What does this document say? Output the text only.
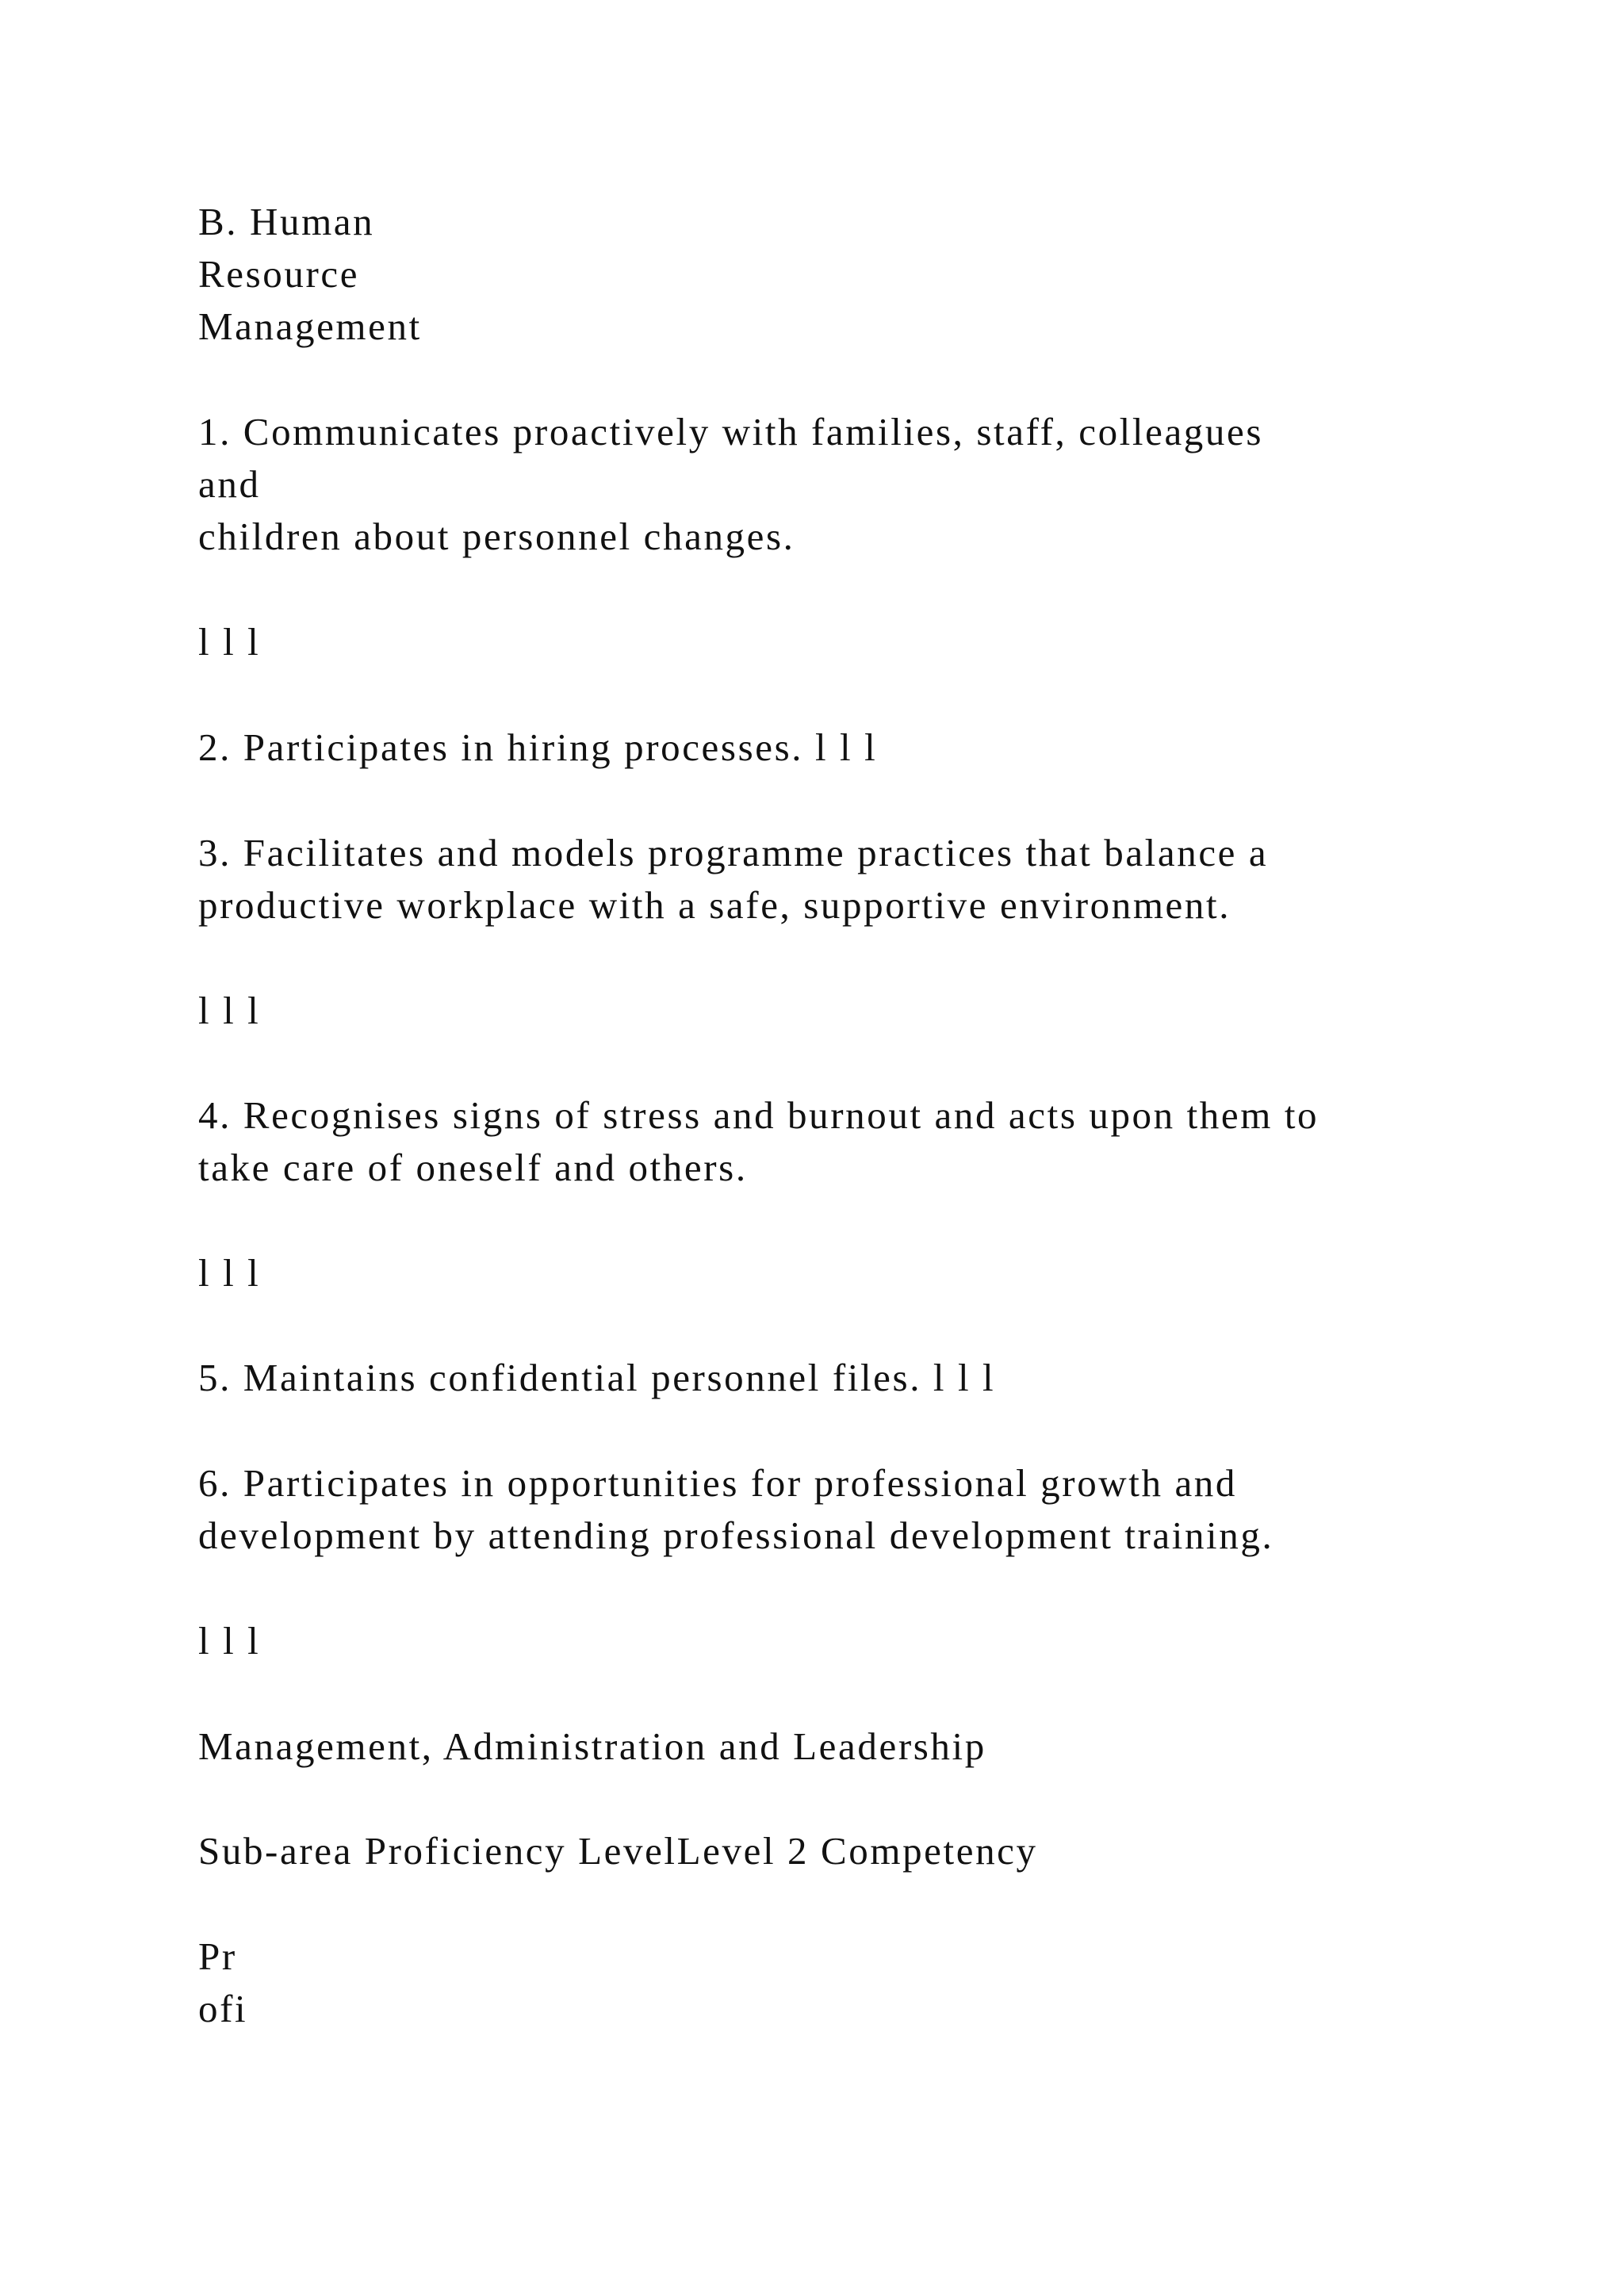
B. Human
Resource
Management
1. Communicates proactively with families, staff, colleagues
and
children about personnel changes.
l l l
2. Participates in hiring processes. l l l
3. Facilitates and models programme practices that balance a
productive workplace with a safe, supportive environment.
l l l
4. Recognises signs of stress and burnout and acts upon them to
take care of oneself and others.
l l l
5. Maintains confidential personnel files. l l l
6. Participates in opportunities for professional growth and
development by attending professional development training.
l l l
Management, Administration and Leadership
Sub-area Proficiency LevelLevel 2 Competency
Pr
ofi
